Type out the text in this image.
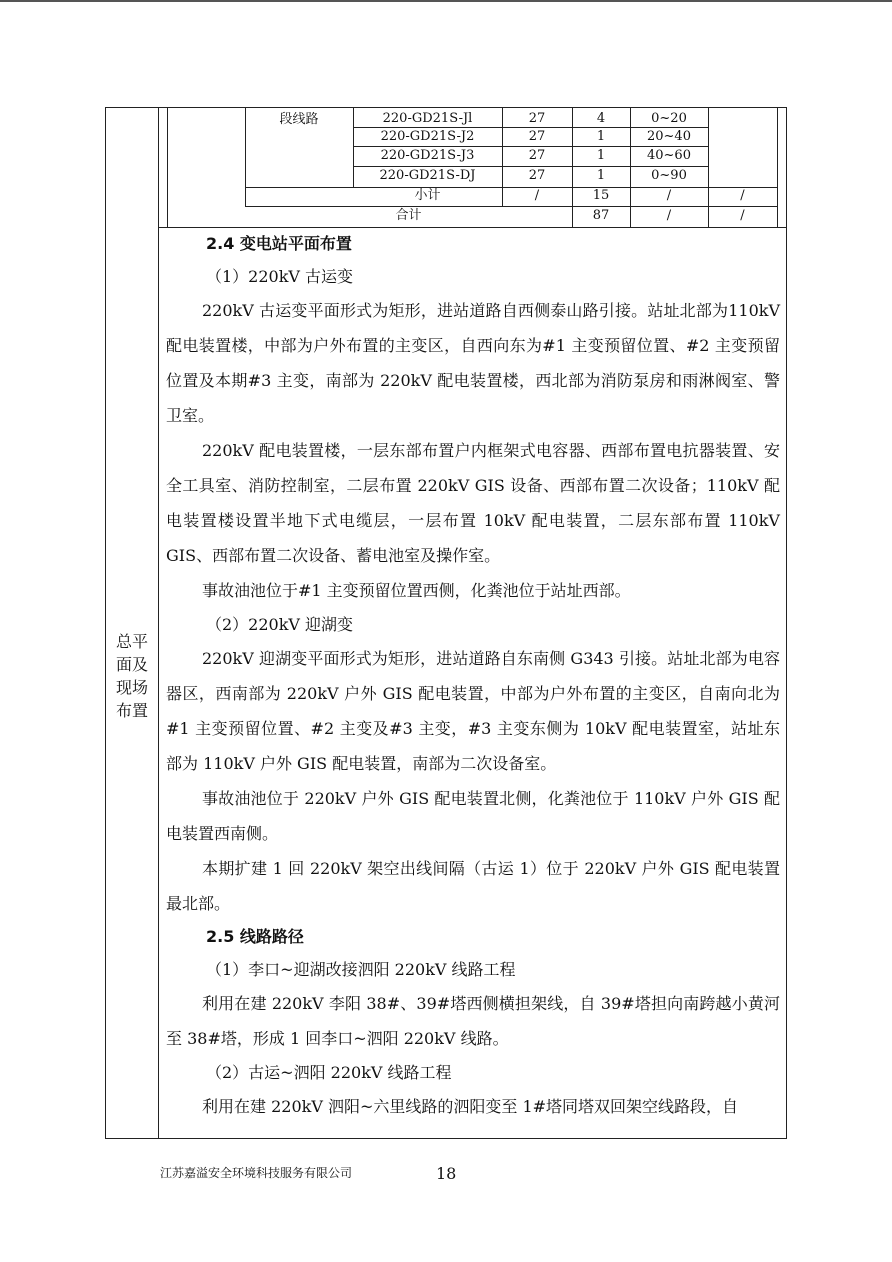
段线路	220-GD21S-Jl	27	4	0~20
220-GD21S-J2	27	1	20~40
220-GD21S-J3	27	1	40~60
220-GD21S-DJ	27	1	0~90
小计	/	15	/	/
合计	87	/	/
总平
面及
现场
布置
2.4 变电站平面布置
（1）220kV 古运变

220kV 古运变平面形式为矩形，进站道路自西侧泰山路引接。站址北部为110kV 配电装置楼，中部为户外布置的主变区，自西向东为#1 主变预留位置、#2 主变预留位置及本期#3 主变，南部为 220kV 配电装置楼，西北部为消防泵房和雨淋阀室、警卫室。

220kV 配电装置楼，一层东部布置户内框架式电容器、西部布置电抗器装置、安全工具室、消防控制室，二层布置 220kV GIS 设备、西部布置二次设备；110kV 配电装置楼设置半地下式电缆层，一层布置 10kV 配电装置，二层东部布置 110kV GIS、西部布置二次设备、蓄电池室及操作室。

事故油池位于#1 主变预留位置西侧，化粪池位于站址西部。

（2）220kV 迎湖变

220kV 迎湖变平面形式为矩形，进站道路自东南侧 G343 引接。站址北部为电容器区，西南部为 220kV 户外 GIS 配电装置，中部为户外布置的主变区，自南向北为#1 主变预留位置、#2 主变及#3 主变，#3 主变东侧为 10kV 配电装置室，站址东部为 110kV 户外 GIS 配电装置，南部为二次设备室。

事故油池位于 220kV 户外 GIS 配电装置北侧，化粪池位于 110kV 户外 GIS 配电装置西南侧。

本期扩建 1 回 220kV 架空出线间隔（古运 1）位于 220kV 户外 GIS 配电装置最北部。

2.5 线路路径
（1）李口~迎湖改接泗阳 220kV 线路工程

利用在建 220kV 李阳 38#、39#塔西侧横担架线，自 39#塔担向南跨越小黄河至 38#塔，形成 1 回李口~泗阳 220kV 线路。

（2）古运~泗阳 220kV 线路工程

利用在建 220kV 泗阳~六里线路的泗阳变至 1#塔同塔双回架空线路段，自

江苏嘉溢安全环境科技服务有限公司	18
